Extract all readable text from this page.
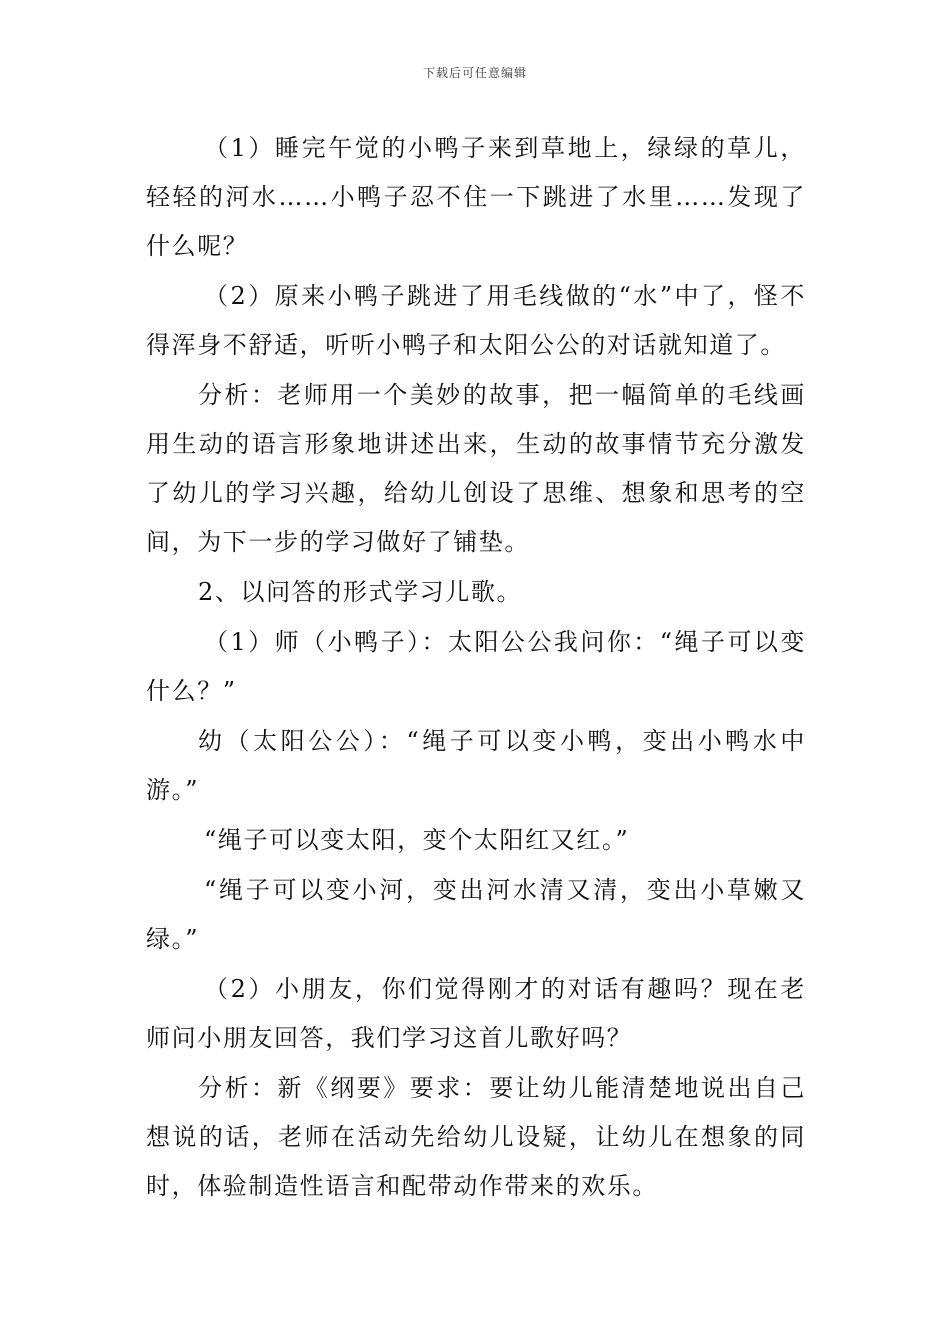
下载后可任意编辑

（1）睡完午觉的小鸭子来到草地上，绿绿的草儿，轻轻的河水……小鸭子忍不住一下跳进了水里……发现了什么呢？

（2）原来小鸭子跳进了用毛线做的“水”中了，怪不得浑身不舒适，听听小鸭子和太阳公公的对话就知道了。

分析：老师用一个美妙的故事，把一幅简单的毛线画用生动的语言形象地讲述出来，生动的故事情节充分激发了幼儿的学习兴趣，给幼儿创设了思维、想象和思考的空间，为下一步的学习做好了铺垫。

2、以问答的形式学习儿歌。

（1）师（小鸭子）：太阳公公我问你：“绳子可以变什么？”

幼（太阳公公）：“绳子可以变小鸭，变出小鸭水中游。”

“绳子可以变太阳，变个太阳红又红。”

“绳子可以变小河，变出河水清又清，变出小草嫩又绿。”

（2）小朋友，你们觉得刚才的对话有趣吗？现在老师问小朋友回答，我们学习这首儿歌好吗？

分析：新《纲要》要求：要让幼儿能清楚地说出自己想说的话，老师在活动先给幼儿设疑，让幼儿在想象的同时，体验制造性语言和配带动作带来的欢乐。
